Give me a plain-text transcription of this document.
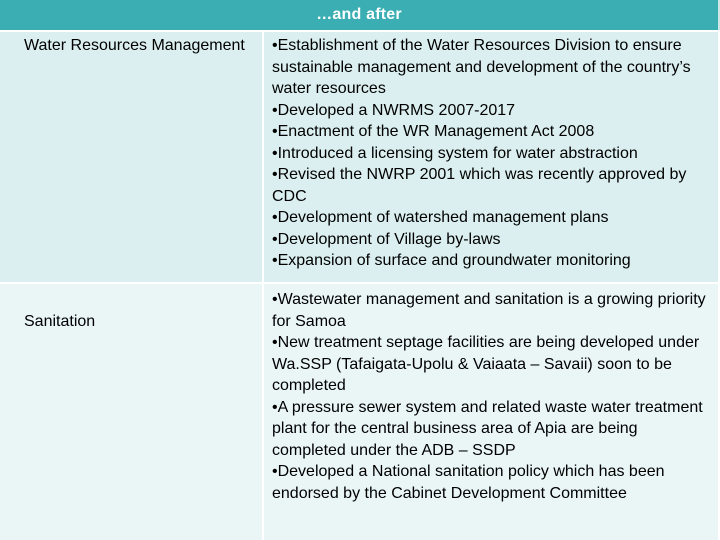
…and after
Water Resources Management	•Establishment of the Water Resources Division to ensure sustainable management and development of the country’s water resources
•Developed a NWRMS 2007-2017
•Enactment of the WR Management Act 2008
•Introduced a licensing system for water abstraction
•Revised the NWRP 2001 which was recently approved by CDC
•Development of watershed management plans
•Development of Village by-laws
•Expansion of surface and groundwater monitoring
Sanitation
•Wastewater management and sanitation is a growing priority for Samoa
•New treatment septage facilities are being developed under Wa.SSP (Tafaigata-Upolu & Vaiaata – Savaii) soon to be completed
•A pressure sewer system and related waste water treatment plant for the central business area of Apia are being completed under the ADB – SSDP
•Developed a National sanitation policy which has been endorsed by the Cabinet Development Committee
